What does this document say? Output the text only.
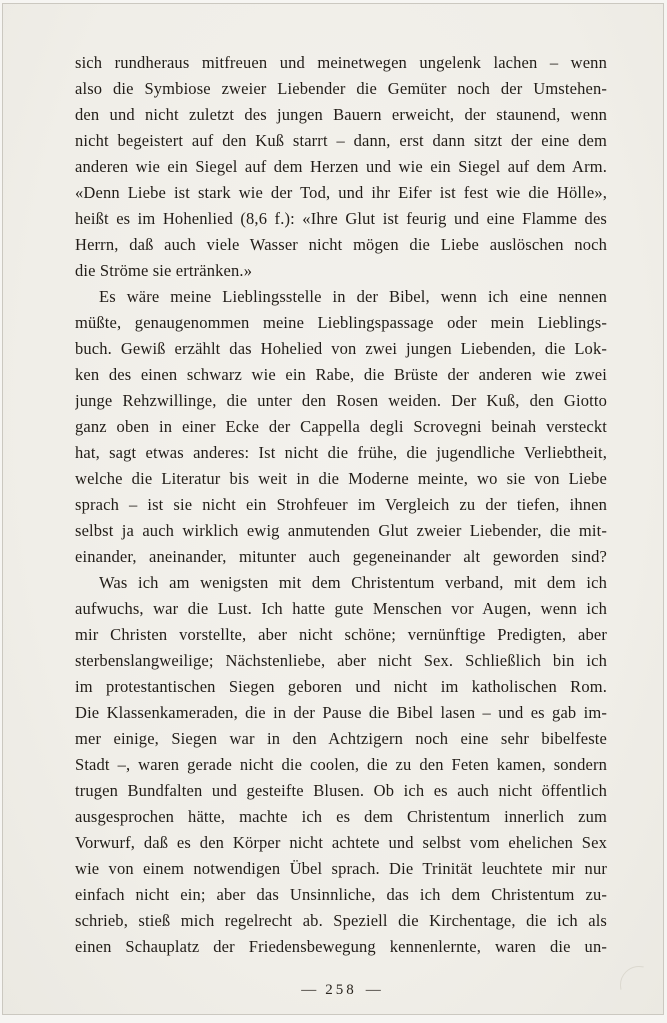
sich rundheraus mitfreuen und meinetwegen ungelenk lachen – wenn
also die Symbiose zweier Liebender die Gemüter noch der Umstehen-
den und nicht zuletzt des jungen Bauern erweicht, der staunend, wenn
nicht begeistert auf den Kuß starrt – dann, erst dann sitzt der eine dem
anderen wie ein Siegel auf dem Herzen und wie ein Siegel auf dem Arm.
«Denn Liebe ist stark wie der Tod, und ihr Eifer ist fest wie die Hölle»,
heißt es im Hohenlied (8,6 f.): «Ihre Glut ist feurig und eine Flamme des
Herrn, daß auch viele Wasser nicht mögen die Liebe auslöschen noch
die Ströme sie ertränken.»
Es wäre meine Lieblingsstelle in der Bibel, wenn ich eine nennen
müßte, genaugenommen meine Lieblingspassage oder mein Lieblings-
buch. Gewiß erzählt das Hohelied von zwei jungen Liebenden, die Lok-
ken des einen schwarz wie ein Rabe, die Brüste der anderen wie zwei
junge Rehzwillinge, die unter den Rosen weiden. Der Kuß, den Giotto
ganz oben in einer Ecke der Cappella degli Scrovegni beinah versteckt
hat, sagt etwas anderes: Ist nicht die frühe, die jugendliche Verliebtheit,
welche die Literatur bis weit in die Moderne meinte, wo sie von Liebe
sprach – ist sie nicht ein Strohfeuer im Vergleich zu der tiefen, ihnen
selbst ja auch wirklich ewig anmutenden Glut zweier Liebender, die mit-
einander, aneinander, mitunter auch gegeneinander alt geworden sind?
Was ich am wenigsten mit dem Christentum verband, mit dem ich
aufwuchs, war die Lust. Ich hatte gute Menschen vor Augen, wenn ich
mir Christen vorstellte, aber nicht schöne; vernünftige Predigten, aber
sterbenslangweilige; Nächstenliebe, aber nicht Sex. Schließlich bin ich
im protestantischen Siegen geboren und nicht im katholischen Rom.
Die Klassenkameraden, die in der Pause die Bibel lasen – und es gab im-
mer einige, Siegen war in den Achtzigern noch eine sehr bibelfeste
Stadt –, waren gerade nicht die coolen, die zu den Feten kamen, sondern
trugen Bundfalten und gesteifte Blusen. Ob ich es auch nicht öffentlich
ausgesprochen hätte, machte ich es dem Christentum innerlich zum
Vorwurf, daß es den Körper nicht achtete und selbst vom ehelichen Sex
wie von einem notwendigen Übel sprach. Die Trinität leuchtete mir nur
einfach nicht ein; aber das Unsinnliche, das ich dem Christentum zu-
schrieb, stieß mich regelrecht ab. Speziell die Kirchentage, die ich als
einen Schauplatz der Friedensbewegung kennenlernte, waren die un-
— 258 —
